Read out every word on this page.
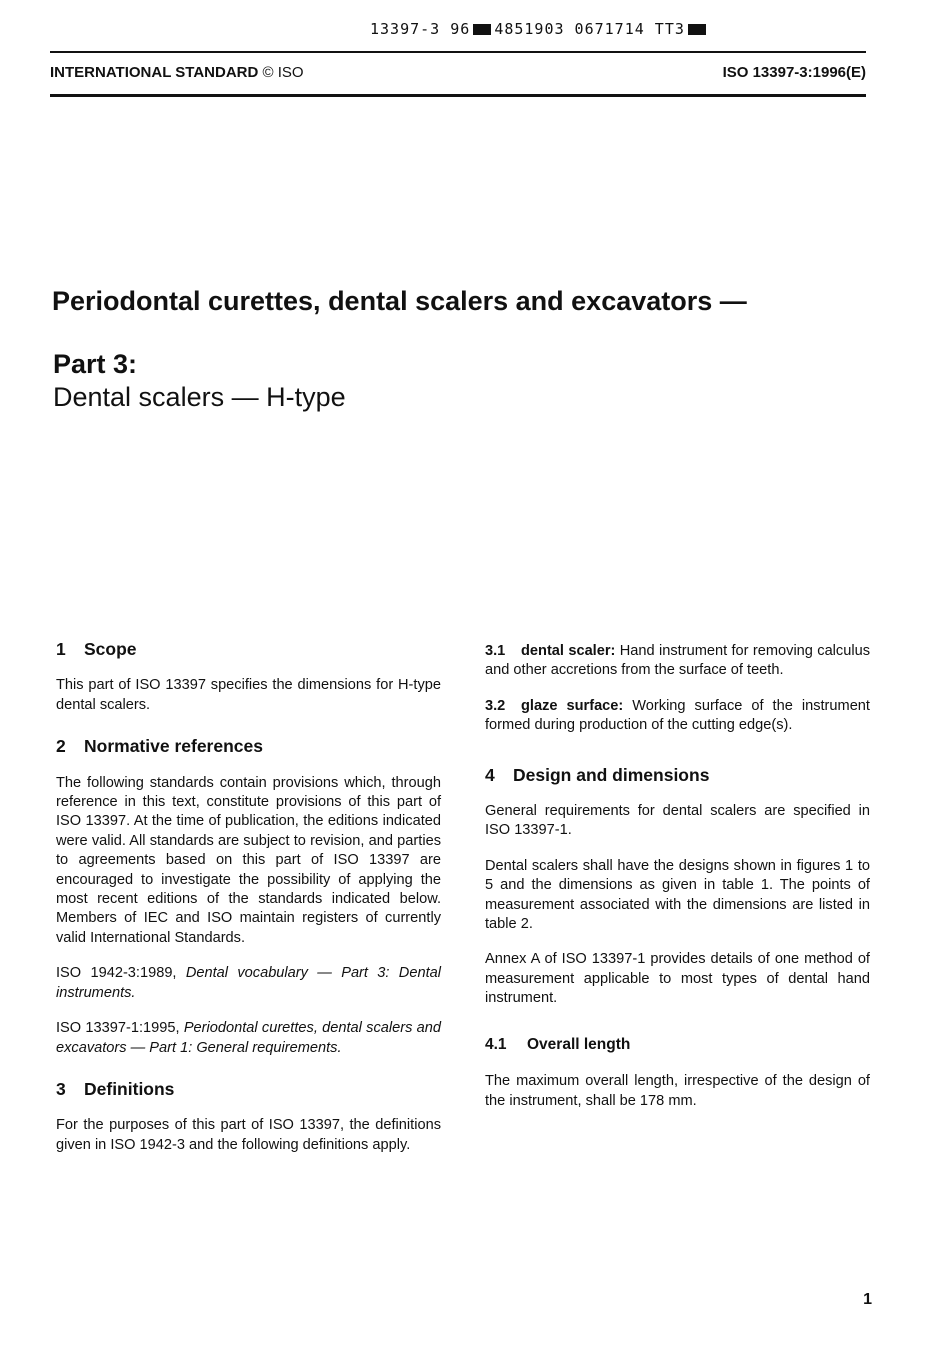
13397-3 96 4851903 0671714 TT3
INTERNATIONAL STANDARD © ISO	ISO 13397-3:1996(E)
Periodontal curettes, dental scalers and excavators —
Part 3:
Dental scalers — H-type
1 Scope

This part of ISO 13397 specifies the dimensions for H-type dental scalers.

2 Normative references

The following standards contain provisions which, through reference in this text, constitute provisions of this part of ISO 13397. At the time of publication, the editions indicated were valid. All standards are subject to revision, and parties to agreements based on this part of ISO 13397 are encouraged to investigate the possibility of applying the most recent editions of the standards indicated below. Members of IEC and ISO maintain registers of currently valid International Standards.

ISO 1942-3:1989, Dental vocabulary — Part 3: Dental instruments.

ISO 13397-1:1995, Periodontal curettes, dental scalers and excavators — Part 1: General requirements.

3 Definitions

For the purposes of this part of ISO 13397, the definitions given in ISO 1942-3 and the following definitions apply.

3.1 dental scaler: Hand instrument for removing calculus and other accretions from the surface of teeth.

3.2 glaze surface: Working surface of the instrument formed during production of the cutting edge(s).

4 Design and dimensions

General requirements for dental scalers are specified in ISO 13397-1.

Dental scalers shall have the designs shown in figures 1 to 5 and the dimensions as given in table 1. The points of measurement associated with the dimensions are listed in table 2.

Annex A of ISO 13397-1 provides details of one method of measurement applicable to most types of dental hand instrument.

4.1 Overall length

The maximum overall length, irrespective of the design of the instrument, shall be 178 mm.

1
